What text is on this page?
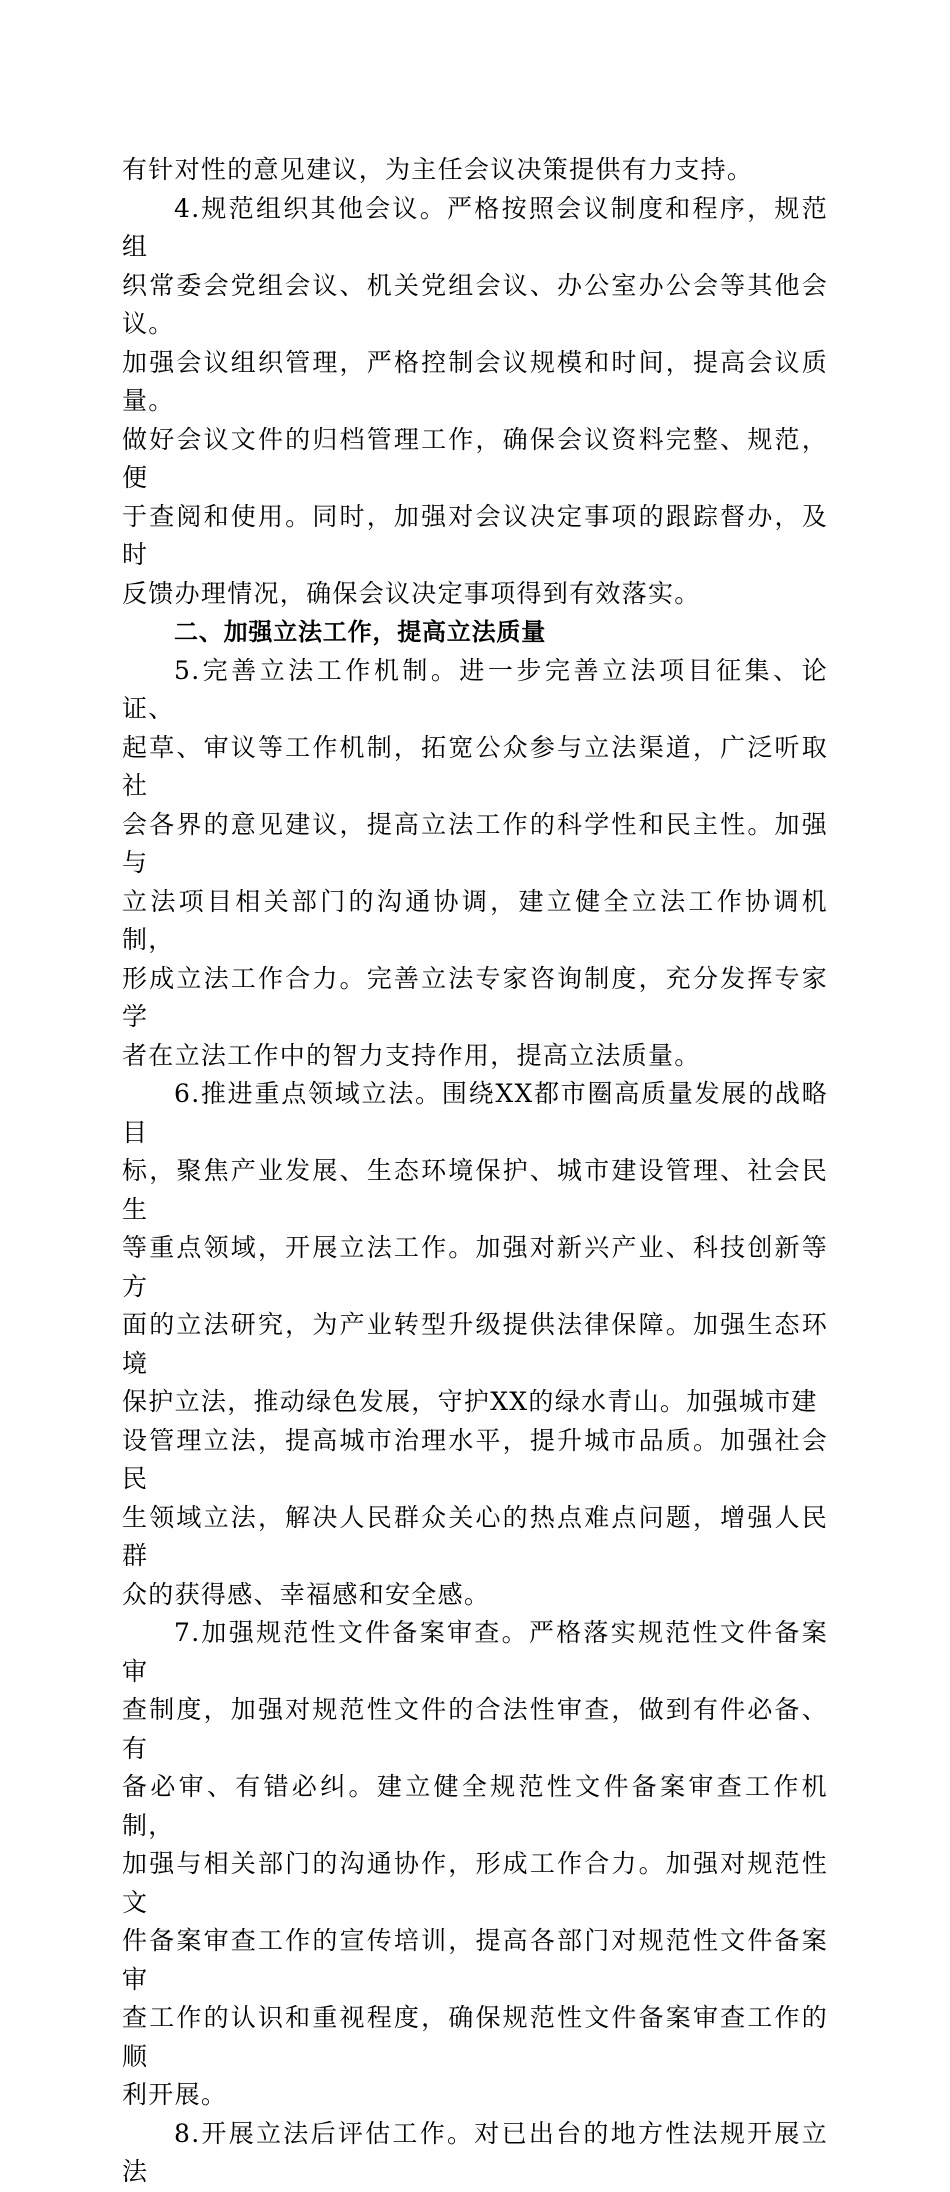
有针对性的意见建议，为主任会议决策提供有力支持。

4.规范组织其他会议。严格按照会议制度和程序，规范组
织常委会党组会议、机关党组会议、办公室办公会等其他会议。
加强会议组织管理，严格控制会议规模和时间，提高会议质量。
做好会议文件的归档管理工作，确保会议资料完整、规范，便
于查阅和使用。同时，加强对会议决定事项的跟踪督办，及时
反馈办理情况，确保会议决定事项得到有效落实。

二、加强立法工作，提高立法质量

5.完善立法工作机制。进一步完善立法项目征集、论证、
起草、审议等工作机制，拓宽公众参与立法渠道，广泛听取社
会各界的意见建议，提高立法工作的科学性和民主性。加强与
立法项目相关部门的沟通协调，建立健全立法工作协调机制，
形成立法工作合力。完善立法专家咨询制度，充分发挥专家学
者在立法工作中的智力支持作用，提高立法质量。

6.推进重点领域立法。围绕XX都市圈高质量发展的战略目
标，聚焦产业发展、生态环境保护、城市建设管理、社会民生
等重点领域，开展立法工作。加强对新兴产业、科技创新等方
面的立法研究，为产业转型升级提供法律保障。加强生态环境
保护立法，推动绿色发展，守护XX的绿水青山。加强城市建
设管理立法，提高城市治理水平，提升城市品质。加强社会民
生领域立法，解决人民群众关心的热点难点问题，增强人民群
众的获得感、幸福感和安全感。

7.加强规范性文件备案审查。严格落实规范性文件备案审
查制度，加强对规范性文件的合法性审查，做到有件必备、有
备必审、有错必纠。建立健全规范性文件备案审查工作机制，
加强与相关部门的沟通协作，形成工作合力。加强对规范性文
件备案审查工作的宣传培训，提高各部门对规范性文件备案审
查工作的认识和重视程度，确保规范性文件备案审查工作的顺
利开展。

8.开展立法后评估工作。对已出台的地方性法规开展立法
